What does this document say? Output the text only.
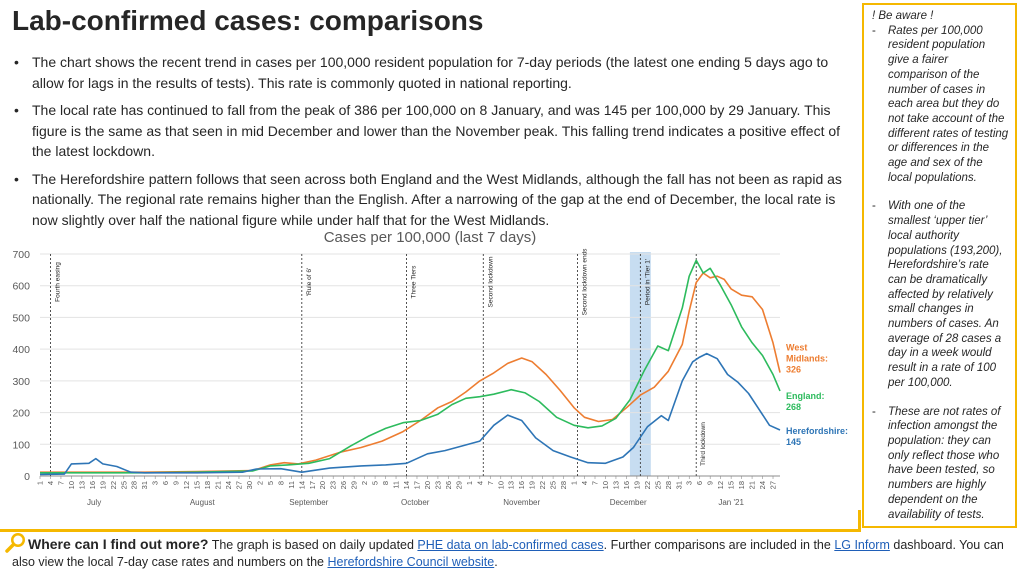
Lab-confirmed cases: comparisons
• The chart shows the recent trend in cases per 100,000 resident population for 7-day periods (the latest one ending 5 days ago to allow for lags in the results of tests). This rate is commonly quoted in national reporting.
• The local rate has continued to fall from the peak of 386 per 100,000 on 8 January, and was 145 per 100,000 by 29 January. This figure is the same as that seen in mid December and lower than the November peak. This falling trend indicates a positive effect of the latest lockdown.
• The Herefordshire pattern follows that seen across both England and the West Midlands, although the fall has not been as rapid as nationally. The regional rate remains higher than the English. After a narrowing of the gap at the end of December, the local rate is now slightly over half the national figure while under half that for the West Midlands.
! Be aware !
- Rates per 100,000 resident population give a fairer comparison of the number of cases in each area but they do not take account of the different rates of testing or differences in the age and sex of the local populations.
- With one of the smallest ‘upper tier’ local authority populations (193,200), Herefordshire’s rate can be dramatically affected by relatively small changes in numbers of cases. An average of 28 cases a day in a week would result in a rate of 100 per 100,000.
- These are not rates of infection amongst the population: they can only reflect those who have been tested, so numbers are highly dependent on the availability of tests.
Cases per 100,000 (last 7 days)
0
100
200
300
400
500
600
700
1 4 7 10 13 16 19 22 25 28 31
July
3 6 9 12 15 18 21 24 27 30
August
2 5 8 11 14 17 20 23 26 29
September
2 5 8 11 14 17 20 23 26 29
October
1 4 7 10 13 16 19 22 25 28
November
1 4 7 10 13 16 19 22 25 28 31
December
3 6 9 12 15 18 21 24 27
Jan '21
Fourth easing	'Rule of 6'	Three Tiers	Second lockdown	Second lockdown ends	Period in 'Tier 1'
Third lockdown
West
Midlands:
326
England:
268
Herefordshire:
145
Where can I find out more? The graph is based on daily updated PHE data on lab-confirmed cases. Further comparisons are included in the LG Inform dashboard. You can also view the local 7-day case rates and numbers on the Herefordshire Council website.
